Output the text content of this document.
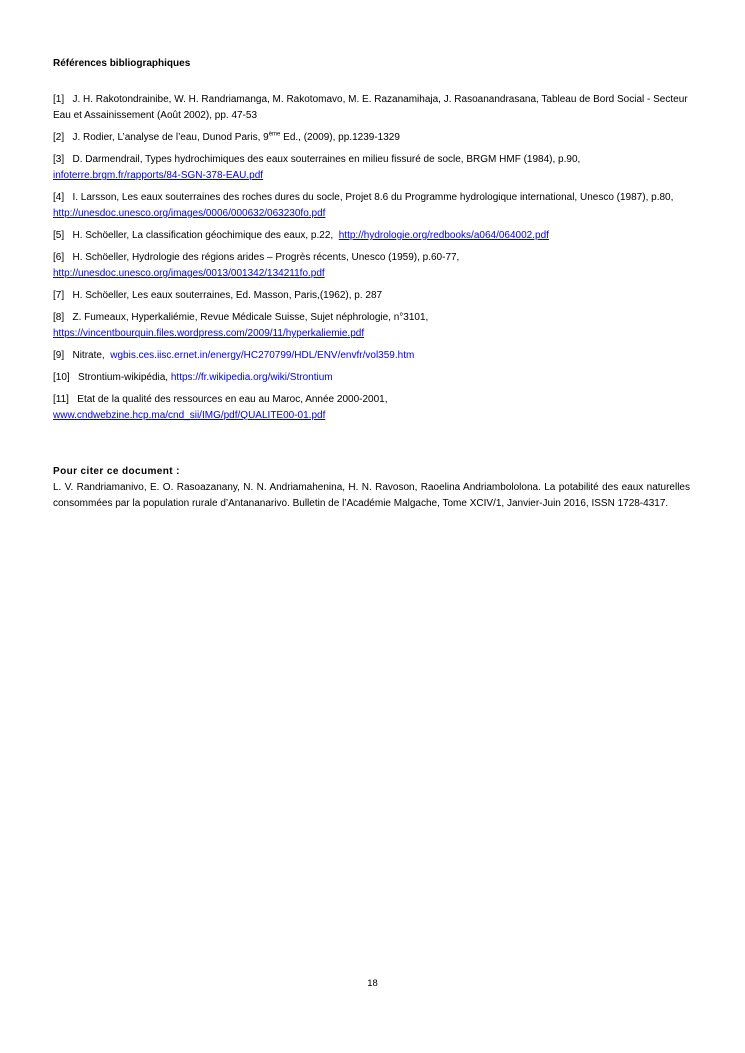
Références bibliographiques
[1] J. H. Rakotondrainibe, W. H. Randriamanga, M. Rakotomavo, M. E. Razanamihaja, J. Rasoanandrasana, Tableau de Bord Social - Secteur Eau et Assainissement (Août 2002), pp. 47-53
[2] J. Rodier, L’analyse de l’eau, Dunod Paris, 9ème Ed., (2009), pp.1239-1329
[3] D. Darmendrail, Types hydrochimiques des eaux souterraines en milieu fissuré de socle, BRGM HMF (1984), p.90,
infoterre.brgm.fr/rapports/84-SGN-378-EAU.pdf
[4] I. Larsson, Les eaux souterraines des roches dures du socle, Projet 8.6 du Programme hydrologique international, Unesco (1987), p.80,  http://unesdoc.unesco.org/images/0006/000632/063230fo.pdf
[5] H. Schöeller, La classification géochimique des eaux, p.22, http://hydrologie.org/redbooks/a064/064002.pdf
[6] H. Schöeller, Hydrologie des régions arides – Progrès récents, Unesco (1959), p.60-77,
http://unesdoc.unesco.org/images/0013/001342/134211fo.pdf
[7] H. Schöeller, Les eaux souterraines, Ed. Masson, Paris,(1962), p. 287
[8] Z. Fumeaux, Hyperkaliémie, Revue Médicale Suisse, Sujet néphrologie, n°3101,
https://vincentbourquin.files.wordpress.com/2009/11/hyperkaliemie.pdf
[9] Nitrate, wgbis.ces.iisc.ernet.in/energy/HC270799/HDL/ENV/envfr/vol359.htm
[10] Strontium-wikipédia, https://fr.wikipedia.org/wiki/Strontium
[11] Etat de la qualité des ressources en eau au Maroc, Année 2000-2001,
www.cndwebzine.hcp.ma/cnd_sii/IMG/pdf/QUALITE00-01.pdf
Pour citer ce document :
L. V. Randriamanivo, E. O. Rasoazanany, N. N. Andriamahenina, H. N. Ravoson, Raoelina Andriambololona. La potabilité des eaux naturelles consommées par la population rurale d’Antananarivo. Bulletin de l’Académie Malgache, Tome XCIV/1, Janvier-Juin 2016, ISSN 1728-4317.
18
